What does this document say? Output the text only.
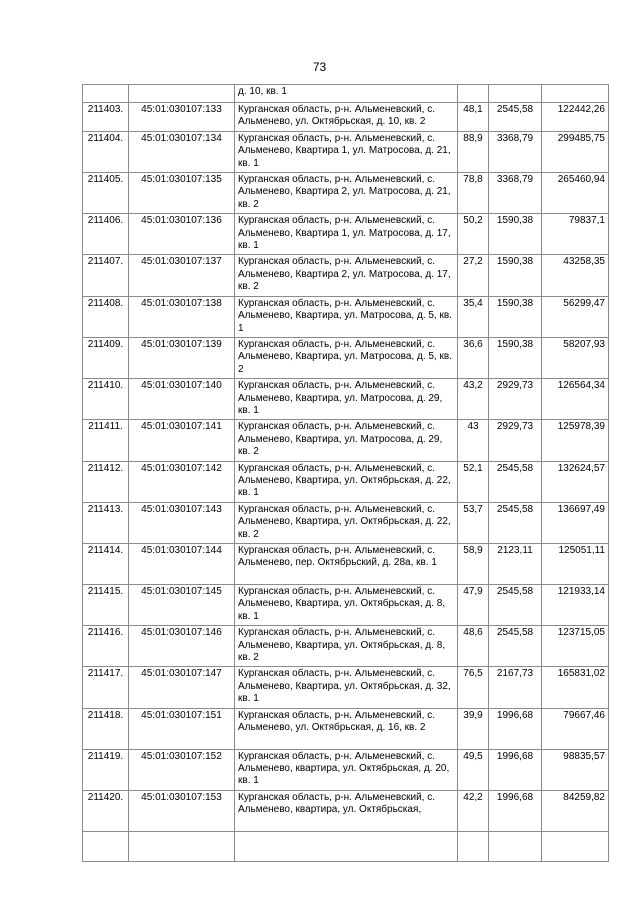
73
		д. 10, кв. 1			
211403.	45:01:030107:133	Курганская область, р-н. Альменевский, с. Альменево, ул. Октябрьская, д. 10, кв. 2	48,1	2545,58	122442,26
211404.	45:01:030107:134	Курганская область, р-н. Альменевский, с. Альменево, Квартира 1, ул. Матросова, д. 21, кв. 1	88,9	3368,79	299485,75
211405.	45:01:030107:135	Курганская область, р-н. Альменевский, с. Альменево, Квартира 2, ул. Матросова, д. 21, кв. 2	78,8	3368,79	265460,94
211406.	45:01:030107:136	Курганская область, р-н. Альменевский, с. Альменево, Квартира 1, ул. Матросова, д. 17, кв. 1	50,2	1590,38	79837,1
211407.	45:01:030107:137	Курганская область, р-н. Альменевский, с. Альменево, Квартира 2, ул. Матросова, д. 17, кв. 2	27,2	1590,38	43258,35
211408.	45:01:030107:138	Курганская область, р-н. Альменевский, с. Альменево, Квартира, ул. Матросова, д. 5, кв. 1	35,4	1590,38	56299,47
211409.	45:01:030107:139	Курганская область, р-н. Альменевский, с. Альменево, Квартира, ул. Матросова, д. 5, кв. 2	36,6	1590,38	58207,93
211410.	45:01:030107:140	Курганская область, р-н. Альменевский, с. Альменево, Квартира, ул. Матросова, д. 29, кв. 1	43,2	2929,73	126564,34
211411.	45:01:030107:141	Курганская область, р-н. Альменевский, с. Альменево, Квартира, ул. Матросова, д. 29, кв. 2	43	2929,73	125978,39
211412.	45:01:030107:142	Курганская область, р-н. Альменевский, с. Альменево, Квартира, ул. Октябрьская, д. 22, кв. 1	52,1	2545,58	132624,57
211413.	45:01:030107:143	Курганская область, р-н. Альменевский, с. Альменево, Квартира, ул. Октябрьская, д. 22, кв. 2	53,7	2545,58	136697,49
211414.	45:01:030107:144	Курганская область, р-н. Альменевский, с. Альменево, пер. Октябрьский, д. 28а, кв. 1	58,9	2123,11	125051,11
211415.	45:01:030107:145	Курганская область, р-н. Альменевский, с. Альменево, Квартира, ул. Октябрьская, д. 8, кв. 1	47,9	2545,58	121933,14
211416.	45:01:030107:146	Курганская область, р-н. Альменевский, с. Альменево, Квартира, ул. Октябрьская, д. 8, кв. 2	48,6	2545,58	123715,05
211417.	45:01:030107:147	Курганская область, р-н. Альменевский, с. Альменево, Квартира, ул. Октябрьская, д. 32, кв. 1	76,5	2167,73	165831,02
211418.	45:01:030107:151	Курганская область, р-н. Альменевский, с. Альменево, ул. Октябрьская, д. 16, кв. 2	39,9	1996,68	79667,46
211419.	45:01:030107:152	Курганская область, р-н. Альменевский, с. Альменево, квартира, ул. Октябрьская, д. 20, кв. 1	49,5	1996,68	98835,57
211420.	45:01:030107:153	Курганская область, р-н. Альменевский, с. Альменево, квартира, ул. Октябрьская,	42,2	1996,68	84259,82
